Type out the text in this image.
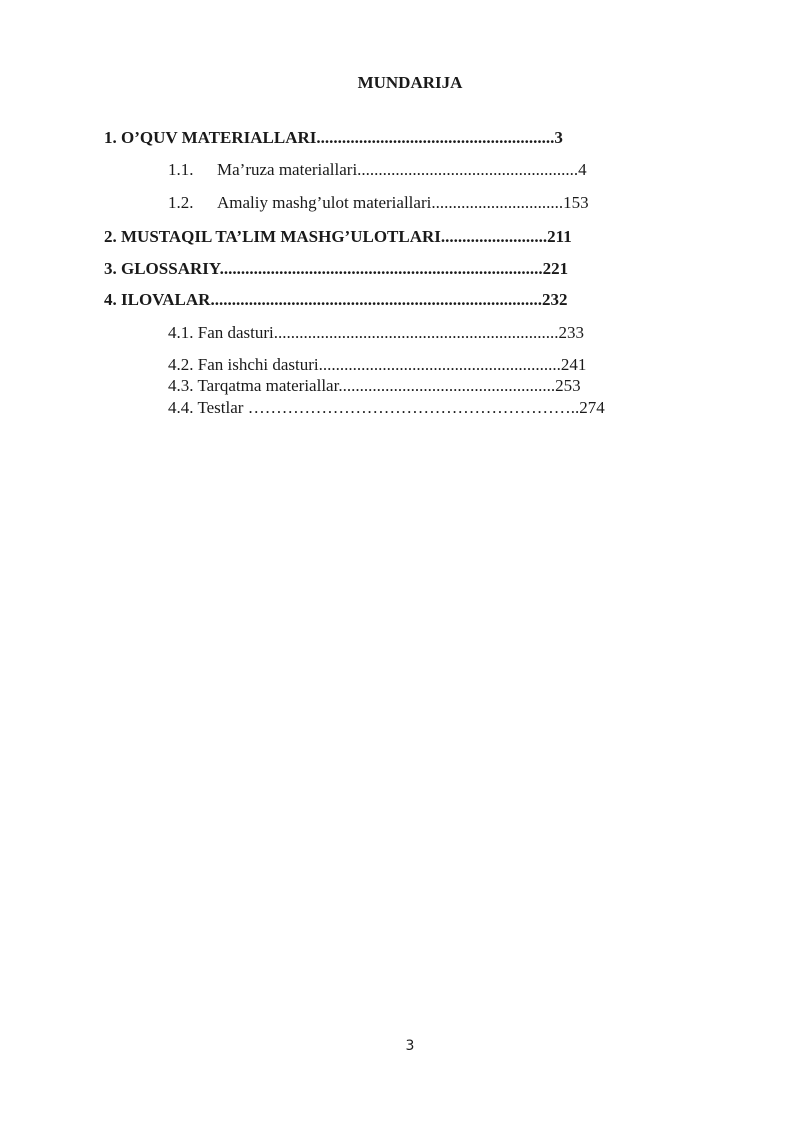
MUNDARIJA
1. O’QUV MATERIALLARI........................................................3
1.1. Ma’ruza materiallari....................................................4
1.2. Amaliy mashg’ulot materiallari...............................153
2. MUSTAQIL TA’LIM MASHG’ULOTLARI.........................211
3. GLOSSARIY............................................................................221
4. ILOVALAR..............................................................................232
4.1. Fan dasturi...................................................................233
4.2. Fan ishchi dasturi.........................................................241
4.3. Tarqatma materiallar...................................................253
4.4. Testlar …………………………………………………..274
3
